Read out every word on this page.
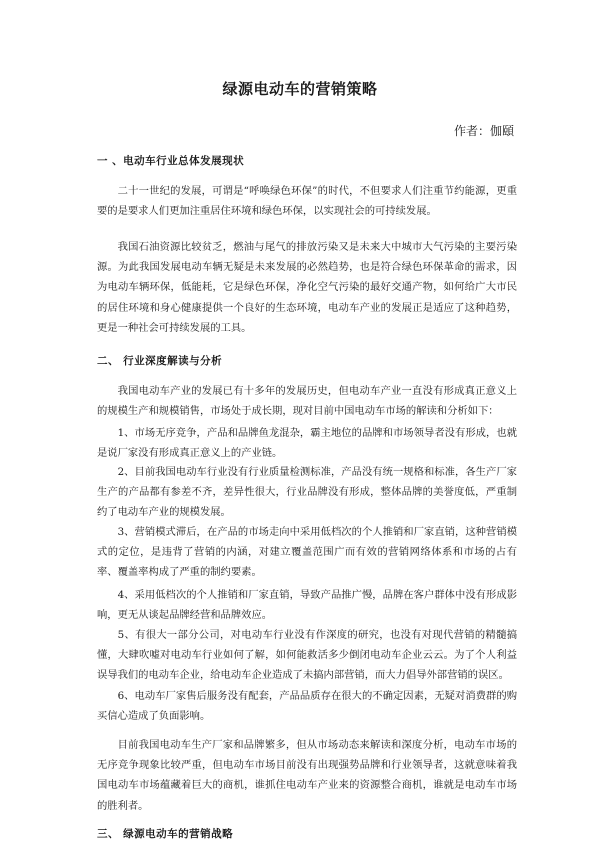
绿源电动车的营销策略
作者：伽頤
一 、电动车行业总体发展现状
二十一世纪的发展，可谓是“呼唤绿色环保”的时代，不但要求人们注重节约能源，更重要的是要求人们更加注重居住环境和绿色环保，以实现社会的可持续发展。
我国石油资源比较贫乏，燃油与尾气的排放污染又是未来大中城市大气污染的主要污染源。为此我国发展电动车辆无疑是未来发展的必然趋势，也是符合绿色环保革命的需求，因为电动车辆环保，低能耗，它是绿色环保，净化空气污染的最好交通产物，如何给广大市民的居住环境和身心健康提供一个良好的生态环境，电动车产业的发展正是适应了这种趋势，更是一种社会可持续发展的工具。
二、 行业深度解读与分析
我国电动车产业的发展已有十多年的发展历史，但电动车产业一直没有形成真正意义上的规模生产和规模销售，市场处于成长期，现对目前中国电动车市场的解读和分析如下：
1、市场无序竞争，产品和品牌鱼龙混杂，霸主地位的品牌和市场领导者没有形成，也就是说厂家没有形成真正意义上的产业链。
2、目前我国电动车行业没有行业质量检测标准，产品没有统一规格和标准，各生产厂家生产的产品都有参差不齐，差异性很大，行业品牌没有形成，整体品牌的美誉度低，严重制约了电动车产业的规模发展。
3、营销模式滞后，在产品的市场走向中采用低档次的个人推销和厂家直销，这种营销模式的定位，是违背了营销的内涵，对建立覆盖范围广而有效的营销网络体系和市场的占有率、覆盖率构成了严重的制约要素。
4、采用低档次的个人推销和厂家直销，导致产品推广慢，品牌在客户群体中没有形成影响，更无从谈起品牌经营和品牌效应。
5、有很大一部分公司，对电动车行业没有作深度的研究，也没有对现代营销的精髓搞懂，大肆吹嘘对电动车行业如何了解，如何能救活多少倒闭电动车企业云云。为了个人利益误导我们的电动车企业，给电动车企业造成了未搞内部营销，而大力倡导外部营销的误区。
6、电动车厂家售后服务没有配套，产品品质存在很大的不确定因素，无疑对消费群的购买信心造成了负面影响。
目前我国电动车生产厂家和品牌繁多，但从市场动态来解读和深度分析，电动车市场的无序竞争现象比较严重，但电动车市场目前没有出现强势品牌和行业领导者，这就意味着我国电动车市场蕴藏着巨大的商机，谁抓住电动车产业来的资源整合商机，谁就是电动车市场的胜利者。
三、 绿源电动车的营销战略
